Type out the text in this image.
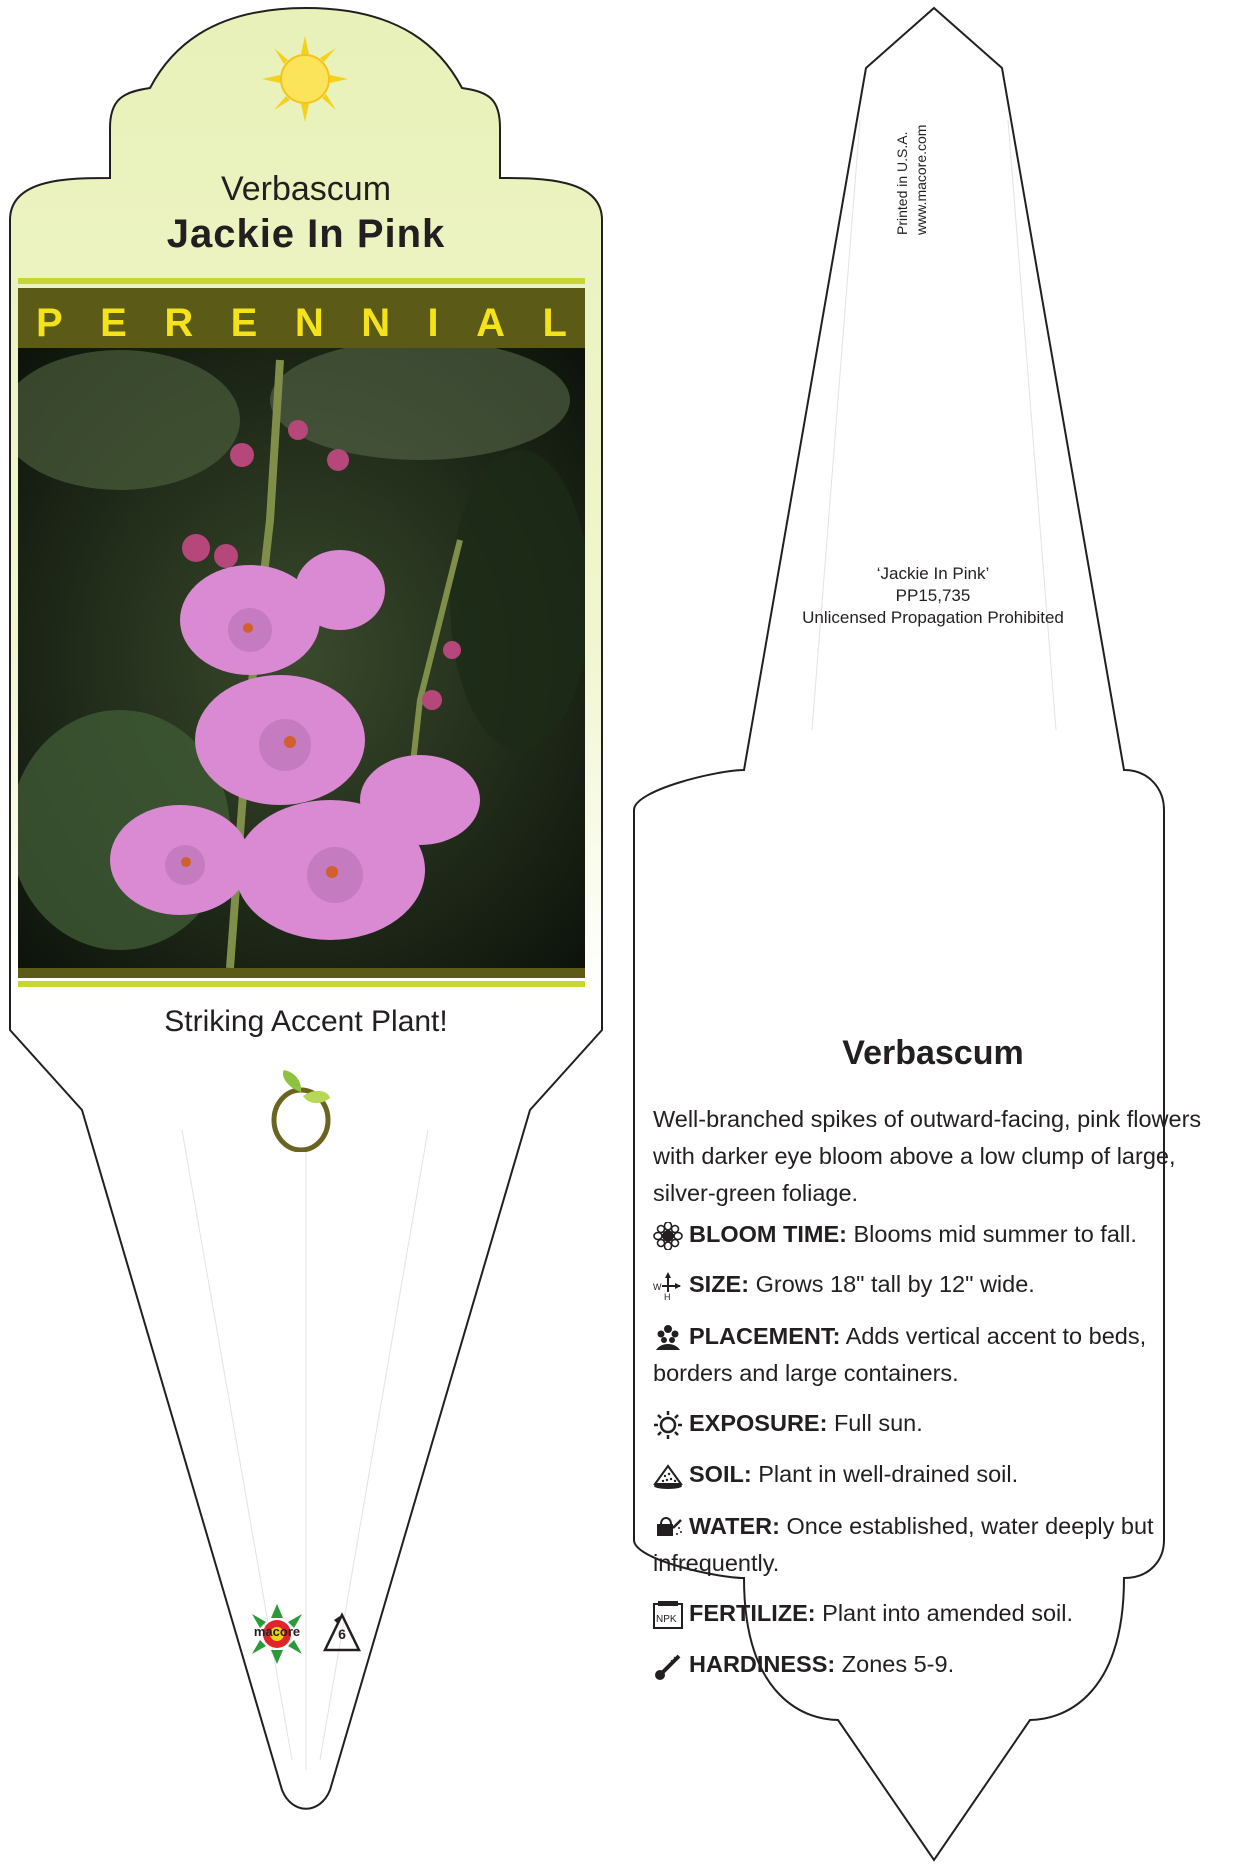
Verbascum
Jackie In Pink
P E R E N N I A L
Striking Accent Plant!
macore	6
Printed in U.S.A. www.macore.com
‘Jackie In Pink’
PP15,735
Unlicensed Propagation Prohibited
Verbascum
Well-branched spikes of outward-facing, pink flowers with darker eye bloom above a low clump of large, silver-green foliage.
BLOOM TIME: Blooms mid summer to fall.
W
H SIZE: Grows 18" tall by 12" wide.
PLACEMENT: Adds vertical accent to beds, borders and large containers.
EXPOSURE: Full sun.
SOIL: Plant in well-drained soil.
WATER: Once established, water deeply but infrequently.
NPK FERTILIZE: Plant into amended soil.
HARDINESS: Zones 5-9.
